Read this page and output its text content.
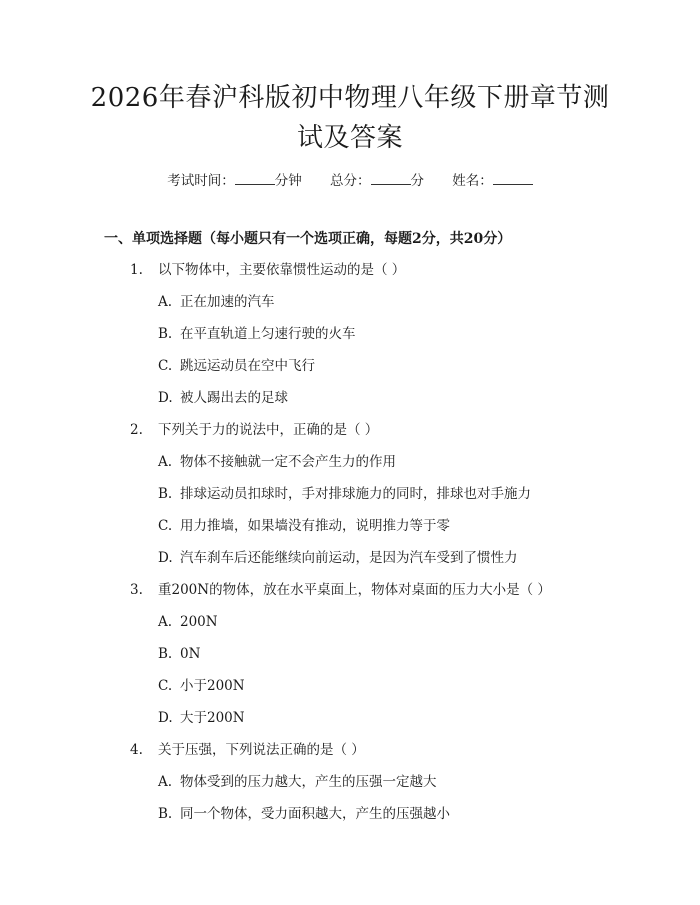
2026年春沪科版初中物理八年级下册章节测
试及答案
考试时间：	分钟 总分：	分 姓名：
一、单项选择题（每小题只有一个选项正确，每题2分，共20分）
1. 以下物体中，主要依靠惯性运动的是（ ）
A. 正在加速的汽车
B. 在平直轨道上匀速行驶的火车
C. 跳远运动员在空中飞行
D. 被人踢出去的足球
2. 下列关于力的说法中，正确的是（ ）
A. 物体不接触就一定不会产生力的作用
B. 排球运动员扣球时，手对排球施力的同时，排球也对手施力
C. 用力推墙，如果墙没有推动，说明推力等于零
D. 汽车刹车后还能继续向前运动，是因为汽车受到了惯性力
3. 重200N的物体，放在水平桌面上，物体对桌面的压力大小是（ ）
A. 200N
B. 0N
C. 小于200N
D. 大于200N
4. 关于压强，下列说法正确的是（ ）
A. 物体受到的压力越大，产生的压强一定越大
B. 同一个物体，受力面积越大，产生的压强越小
